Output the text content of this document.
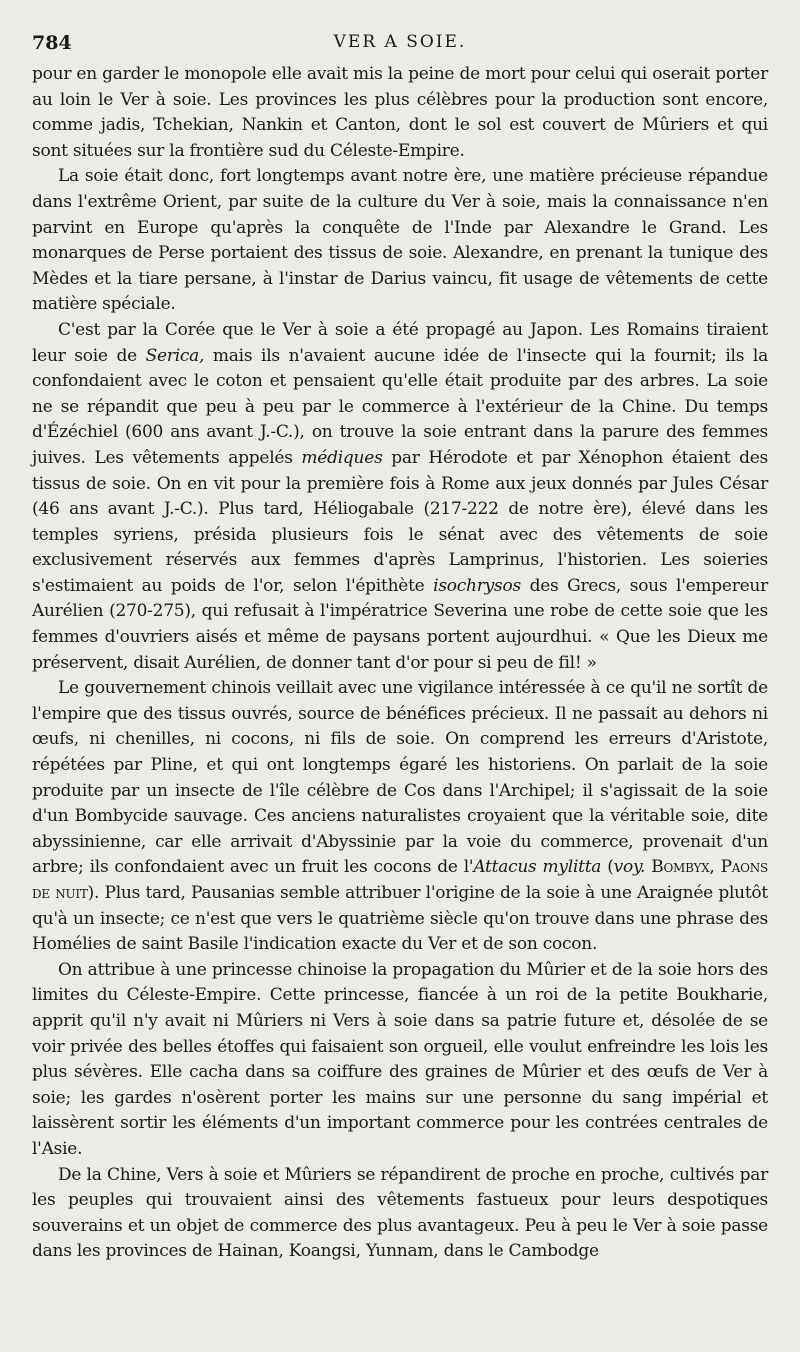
784	VER A SOIE.

pour en garder le monopole elle avait mis la peine de mort pour celui qui oserait porter au loin le Ver à soie. Les provinces les plus célèbres pour la production sont encore, comme jadis, Tchekian, Nankin et Canton, dont le sol est couvert de Mûriers et qui sont situées sur la frontière sud du Céleste-Empire.

La soie était donc, fort longtemps avant notre ère, une matière précieuse répandue dans l'extrême Orient, par suite de la culture du Ver à soie, mais la connaissance n'en parvint en Europe qu'après la conquête de l'Inde par Alexandre le Grand. Les monarques de Perse portaient des tissus de soie. Alexandre, en prenant la tunique des Mèdes et la tiare persane, à l'instar de Darius vaincu, fit usage de vêtements de cette matière spéciale.

C'est par la Corée que le Ver à soie a été propagé au Japon. Les Romains tiraient leur soie de Serica, mais ils n'avaient aucune idée de l'insecte qui la fournit; ils la confondaient avec le coton et pensaient qu'elle était produite par des arbres. La soie ne se répandit que peu à peu par le commerce à l'extérieur de la Chine. Du temps d'Ézéchiel (600 ans avant J.-C.), on trouve la soie entrant dans la parure des femmes juives. Les vêtements appelés médiques par Hérodote et par Xénophon étaient des tissus de soie. On en vit pour la première fois à Rome aux jeux donnés par Jules César (46 ans avant J.-C.). Plus tard, Héliogabale (217-222 de notre ère), élevé dans les temples syriens, présida plusieurs fois le sénat avec des vêtements de soie exclusivement réservés aux femmes d'après Lamprinus, l'historien. Les soieries s'estimaient au poids de l'or, selon l'épithète isochrysos des Grecs, sous l'empereur Aurélien (270-275), qui refusait à l'impératrice Severina une robe de cette soie que les femmes d'ouvriers aisés et même de paysans portent aujourdhui. « Que les Dieux me préservent, disait Aurélien, de donner tant d'or pour si peu de fil! »

Le gouvernement chinois veillait avec une vigilance intéressée à ce qu'il ne sortît de l'empire que des tissus ouvrés, source de bénéfices précieux. Il ne passait au dehors ni œufs, ni chenilles, ni cocons, ni fils de soie. On comprend les erreurs d'Aristote, répétées par Pline, et qui ont longtemps égaré les historiens. On parlait de la soie produite par un insecte de l'île célèbre de Cos dans l'Archipel; il s'agissait de la soie d'un Bombycide sauvage. Ces anciens naturalistes croyaient que la véritable soie, dite abyssinienne, car elle arrivait d'Abyssinie par la voie du commerce, provenait d'un arbre; ils confondaient avec un fruit les cocons de l'Attacus mylitta (voy. Bombyx, Paons de nuit). Plus tard, Pausanias semble attribuer l'origine de la soie à une Araignée plutôt qu'à un insecte; ce n'est que vers le quatrième siècle qu'on trouve dans une phrase des Homélies de saint Basile l'indication exacte du Ver et de son cocon.

On attribue à une princesse chinoise la propagation du Mûrier et de la soie hors des limites du Céleste-Empire. Cette princesse, fiancée à un roi de la petite Boukharie, apprit qu'il n'y avait ni Mûriers ni Vers à soie dans sa patrie future et, désolée de se voir privée des belles étoffes qui faisaient son orgueil, elle voulut enfreindre les lois les plus sévères. Elle cacha dans sa coiffure des graines de Mûrier et des œufs de Ver à soie; les gardes n'osèrent porter les mains sur une personne du sang impérial et laissèrent sortir les éléments d'un important commerce pour les contrées centrales de l'Asie.

De la Chine, Vers à soie et Mûriers se répandirent de proche en proche, cultivés par les peuples qui trouvaient ainsi des vêtements fastueux pour leurs despotiques souverains et un objet de commerce des plus avantageux. Peu à peu le Ver à soie passe dans les provinces de Hainan, Koangsi, Yunnam, dans le Cambodge
